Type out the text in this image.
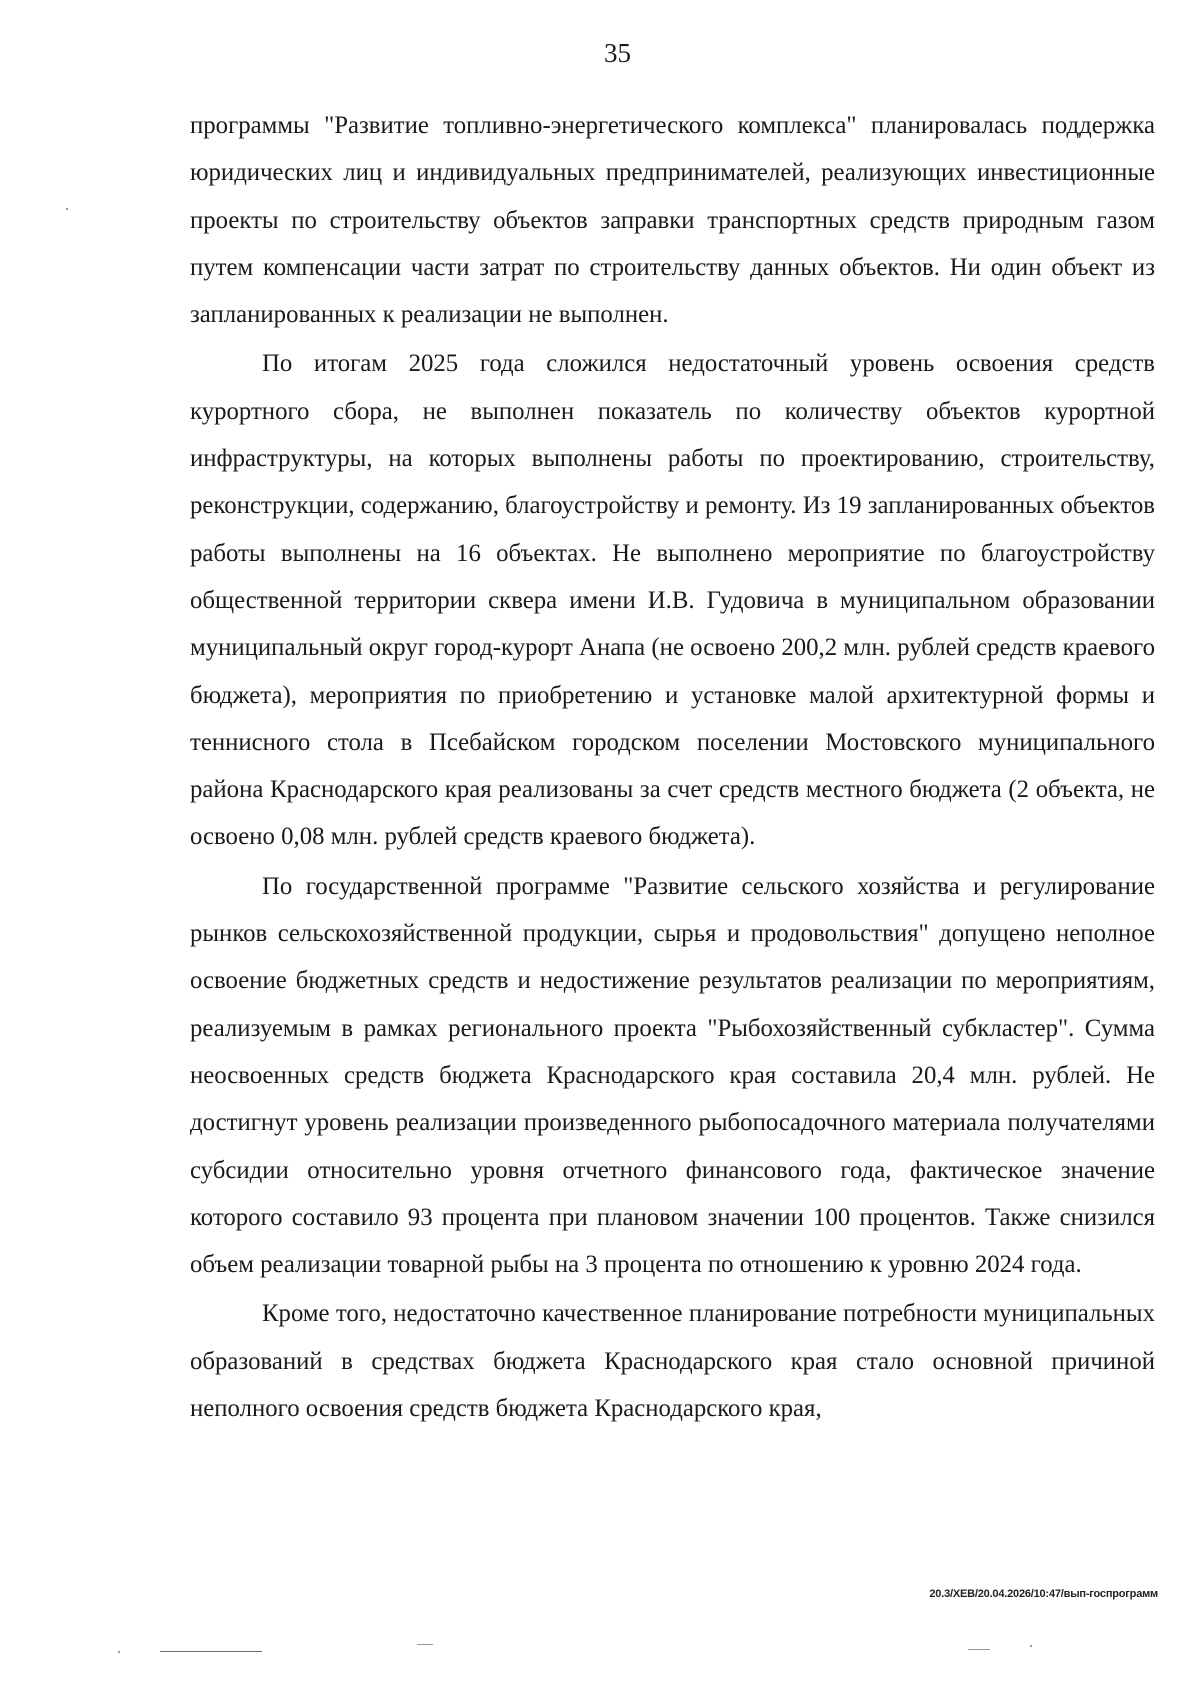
35

программы "Развитие топливно-энергетического комплекса" планировалась поддержка юридических лиц и индивидуальных предпринимателей, реализующих инвестиционные проекты по строительству объектов заправки транспортных средств природным газом путем компенсации части затрат по строительству данных объектов. Ни один объект из запланированных к реализации не выполнен.

По итогам 2025 года сложился недостаточный уровень освоения средств курортного сбора, не выполнен показатель по количеству объектов курортной инфраструктуры, на которых выполнены работы по проектированию, строительству, реконструкции, содержанию, благоустройству и ремонту. Из 19 запланированных объектов работы выполнены на 16 объектах. Не выполнено мероприятие по благоустройству общественной территории сквера имени И.В. Гудовича в муниципальном образовании муниципальный округ город-курорт Анапа (не освоено 200,2 млн. рублей средств краевого бюджета), мероприятия по приобретению и установке малой архитектурной формы и теннисного стола в Псебайском городском поселении Мостовского муниципального района Краснодарского края реализованы за счет средств местного бюджета (2 объекта, не освоено 0,08 млн. рублей средств краевого бюджета).

По государственной программе "Развитие сельского хозяйства и регулирование рынков сельскохозяйственной продукции, сырья и продовольствия" допущено неполное освоение бюджетных средств и недостижение результатов реализации по мероприятиям, реализуемым в рамках регионального проекта "Рыбохозяйственный субкластер". Сумма неосвоенных средств бюджета Краснодарского края составила 20,4 млн. рублей. Не достигнут уровень реализации произведенного рыбопосадочного материала получателями субсидии относительно уровня отчетного финансового года, фактическое значение которого составило 93 процента при плановом значении 100 процентов. Также снизился объем реализации товарной рыбы на 3 процента по отношению к уровню 2024 года.

Кроме того, недостаточно качественное планирование потребности муниципальных образований в средствах бюджета Краснодарского края стало основной причиной неполного освоения средств бюджета Краснодарского края,

20.3/ХЕВ/20.04.2026/10:47/вып-госпрограмм
